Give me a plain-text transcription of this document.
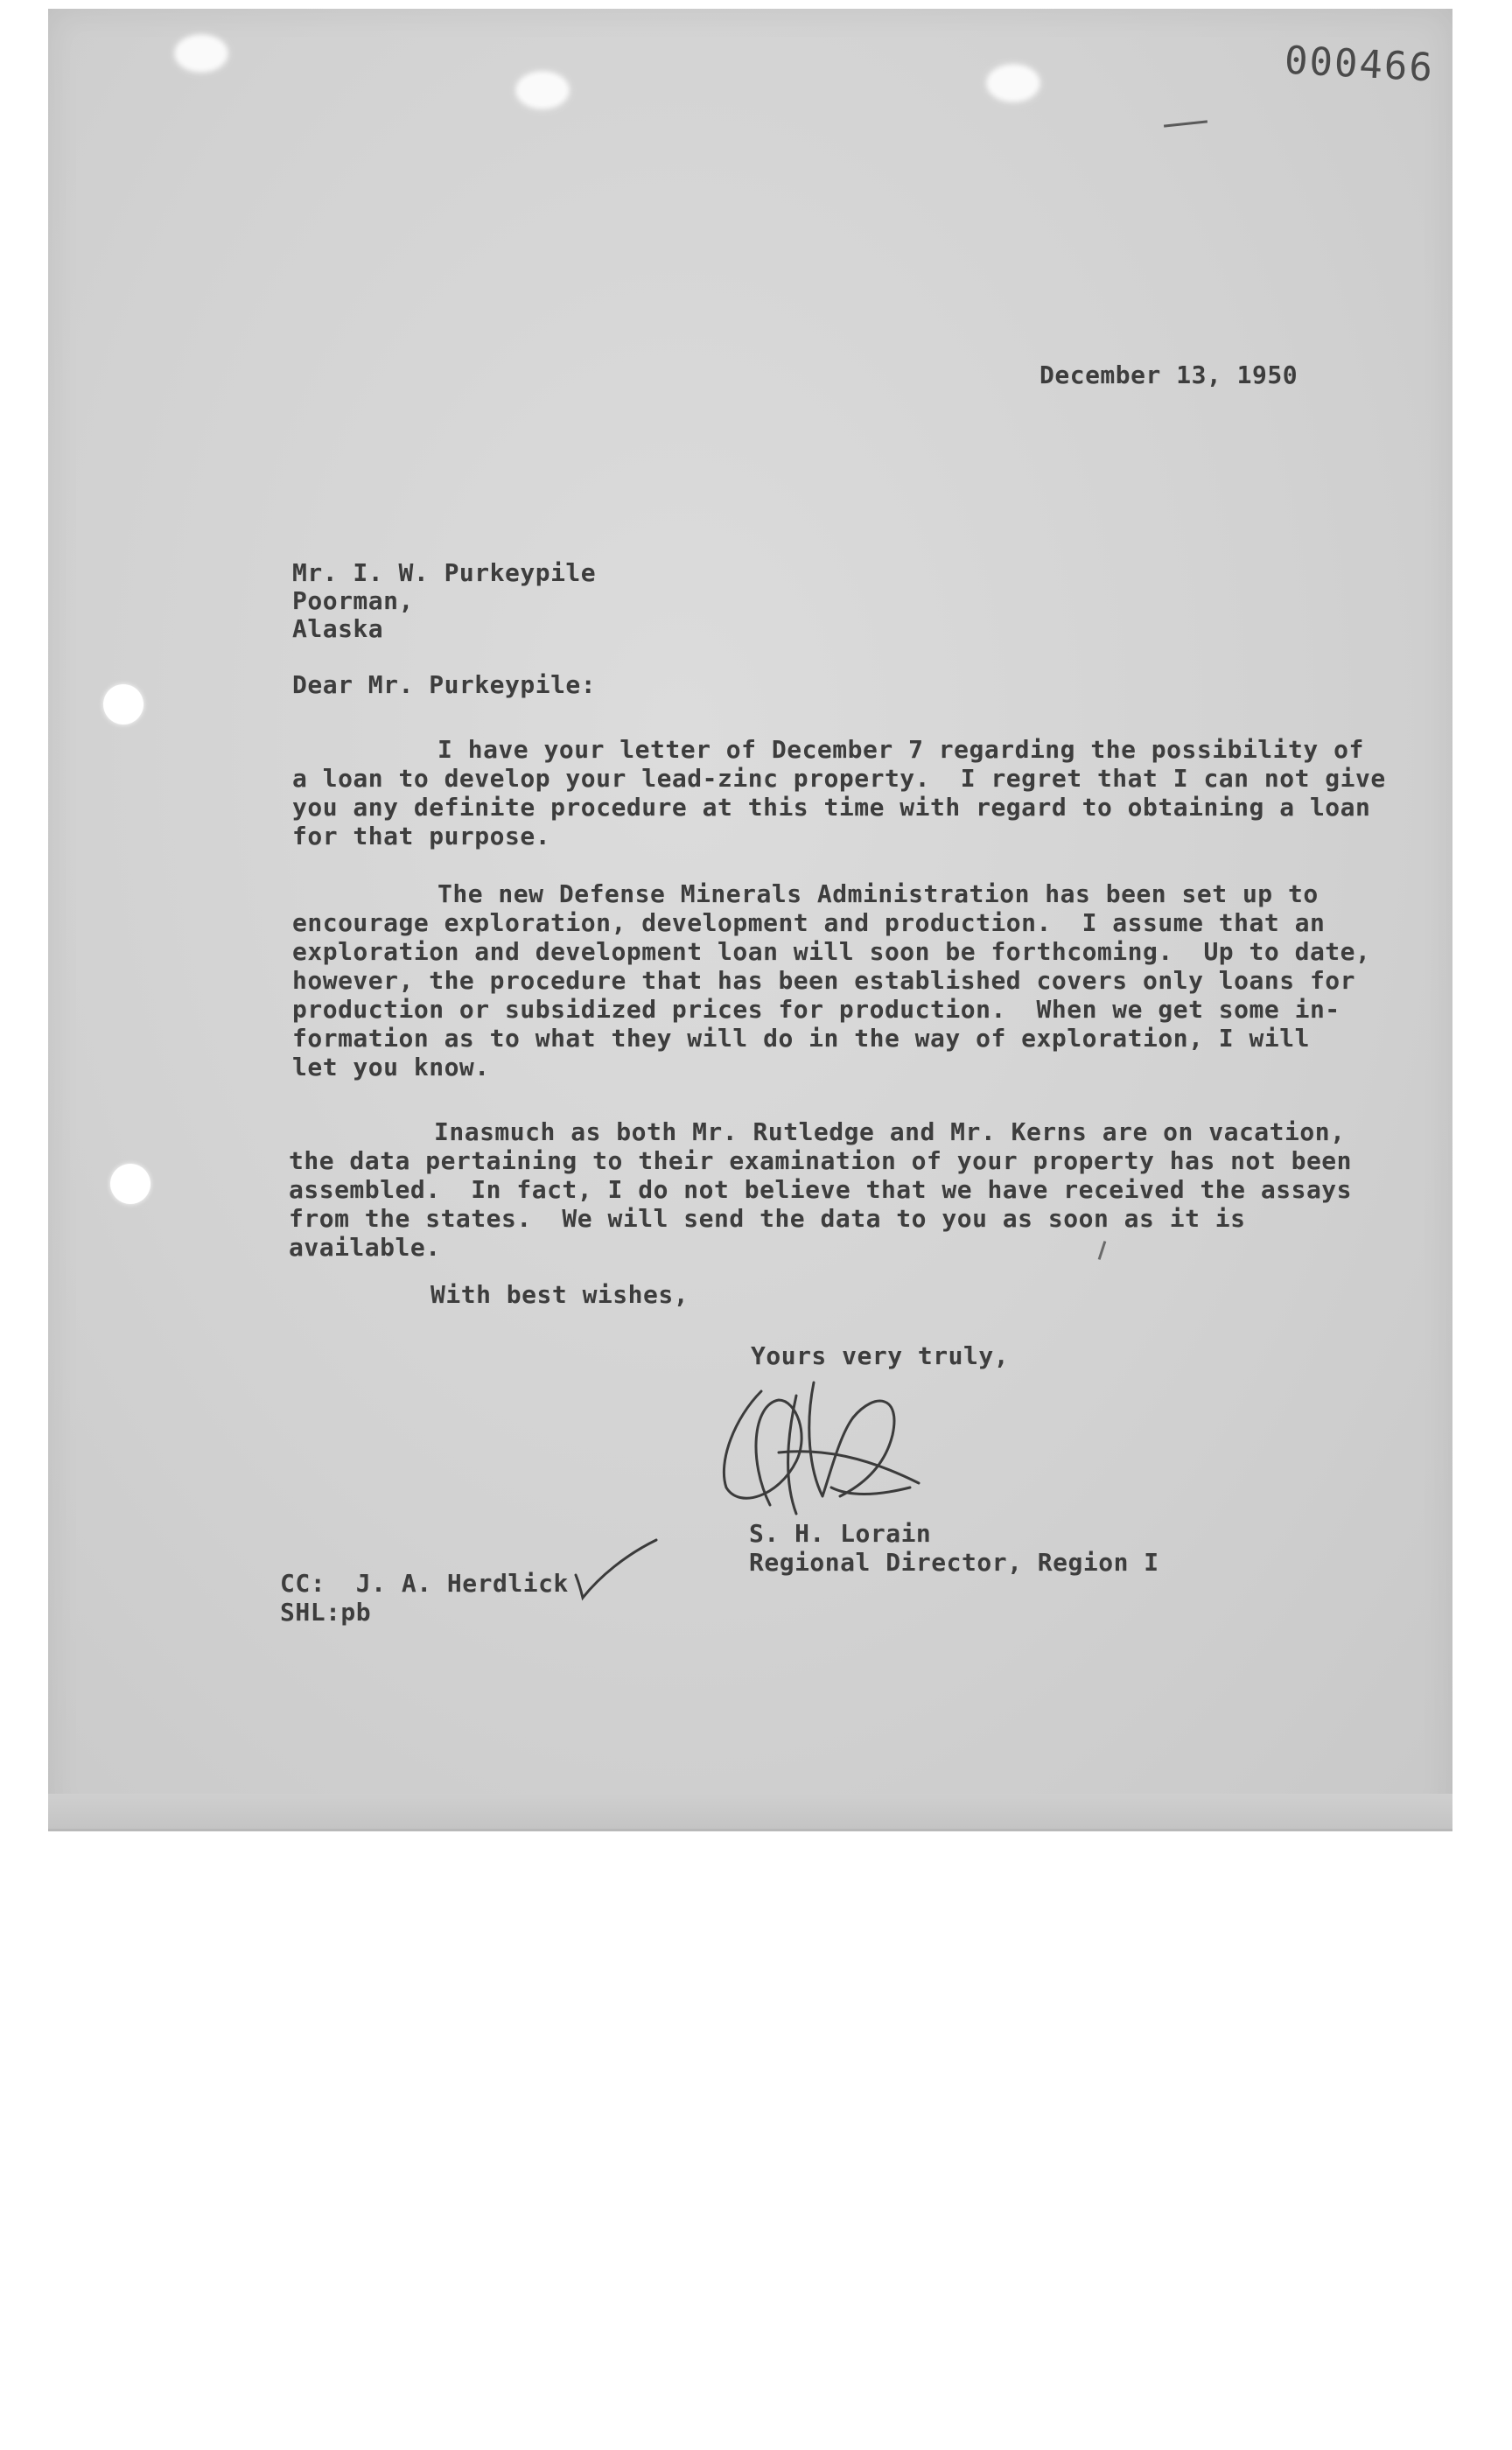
000466
December 13, 1950
Mr. I. W. Purkeypile
Poorman,
Alaska
Dear Mr. Purkeypile:
I have your letter of December 7 regarding the possibility of
a loan to develop your lead-zinc property.  I regret that I can not give
you any definite procedure at this time with regard to obtaining a loan
for that purpose.
The new Defense Minerals Administration has been set up to
encourage exploration, development and production.  I assume that an
exploration and development loan will soon be forthcoming.  Up to date,
however, the procedure that has been established covers only loans for
production or subsidized prices for production.  When we get some in-
formation as to what they will do in the way of exploration, I will
let you know.
Inasmuch as both Mr. Rutledge and Mr. Kerns are on vacation,
the data pertaining to their examination of your property has not been
assembled.  In fact, I do not believe that we have received the assays
from the states.  We will send the data to you as soon as it is
available.
With best wishes,
Yours very truly,
S. H. Lorain
Regional Director, Region I
CC:  J. A. Herdlick
SHL:pb
